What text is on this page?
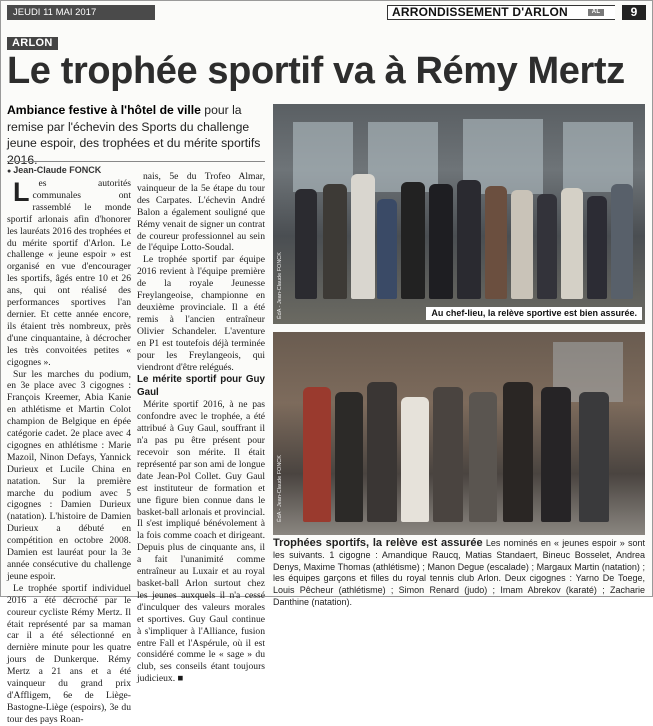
JEUDI 11 MAI 2017	ARRONDISSEMENT D'ARLON	AL	9
ARLON
Le trophée sportif va à Rémy Mertz
Ambiance festive à l'hôtel de ville pour la remise par l'échevin des Sports du challenge jeune espoir, des trophées et du mérite sportifs 2016.
● Jean-Claude FONCK

Les autorités communales ont rassemblé le monde sportif arlonais afin d'honorer les lauréats 2016 des trophées et du mérite sportif d'Arlon. Le challenge « jeune espoir » est organisé en vue d'encourager les sportifs, âgés entre 10 et 26 ans, qui ont réalisé des performances sportives l'an dernier. Et cette année encore, ils étaient très nombreux, près d'une cinquantaine, à décrocher les très convoitées petites « cigognes ».

Sur les marches du podium, en 3e place avec 3 cigognes : François Kreemer, Abia Kanie en athlétisme et Martin Colot champion de Belgique en épée catégorie cadet. 2e place avec 4 cigognes en athlétisme : Marie Mazoil, Ninon Defays, Yannick Durieux et Lucile China en natation. Sur la première marche du podium avec 5 cigognes : Damien Durieux (natation). L'histoire de Damien Durieux a débuté en compétition en octobre 2008. Damien est lauréat pour la 3e année consécutive du challenge jeune espoir.

Le trophée sportif individuel 2016 a été décroché par le coureur cycliste Rémy Mertz. Il était représenté par sa maman car il a été sélectionné en dernière minute pour les quatre jours de Dunkerque. Rémy Mertz a 21 ans et a été vainqueur du grand prix d'Affligem, 6e de Liège-Bastogne-Liège (espoirs), 3e du tour des pays Roan-

nais, 5e du Trofeo Almar, vainqueur de la 5e étape du tour des Carpates. L'échevin André Balon a également souligné que Rémy venait de signer un contrat de coureur professionnel au sein de l'équipe Lotto-Soudal.

Le trophée sportif par équipe 2016 revient à l'équipe première de la royale Jeunesse Freylangeoise, championne en deuxième provinciale. Il a été remis à l'ancien entraîneur Olivier Schandeler. L'aventure en P1 est toutefois déjà terminée pour les Freylangeois, qui viendront d'être relégués.

Le mérite sportif pour Guy Gaul

Mérite sportif 2016, à ne pas confondre avec le trophée, a été attribué à Guy Gaul, souffrant il n'a pas pu être présent pour recevoir son mérite. Il était représenté par son ami de longue date Jean-Pol Collet. Guy Gaul est instituteur de formation et une figure bien connue dans le basket-ball arlonais et provincial. Il s'est impliqué bénévolement à la fois comme coach et dirigeant. Depuis plus de cinquante ans, il a fait l'unanimité comme entraîneur au Luxair et au royal basket-ball Arlon surtout chez les jeunes auxquels il n'a cessé d'inculquer des valeurs morales et sportives. Guy Gaul continue à s'impliquer à l'Alliance, fusion entre Fall et l'Aspérule, où il est considéré comme le « sage » du club, ses conseils étant toujours judicieux. ■

ÉdA - Jean-Claude FONCK	Au chef-lieu, la relève sportive est bien assurée.
ÉdA - Jean-Claude FONCK
Trophées sportifs, la relève est assurée Les nominés en « jeunes espoir » sont les suivants. 1 cigogne : Amandique Raucq, Matias Standaert, Bineuc Bosselet, Andrea Denys, Maxime Thomas (athlétisme) ; Manon Degue (escalade) ; Margaux Martin (natation) ; les équipes garçons et filles du royal tennis club Arlon. Deux cigognes : Yarno De Toege, Louis Pêcheur (athlétisme) ; Simon Renard (judo) ; Imam Abrekov (karaté) ; Zacharie Danthine (natation).
